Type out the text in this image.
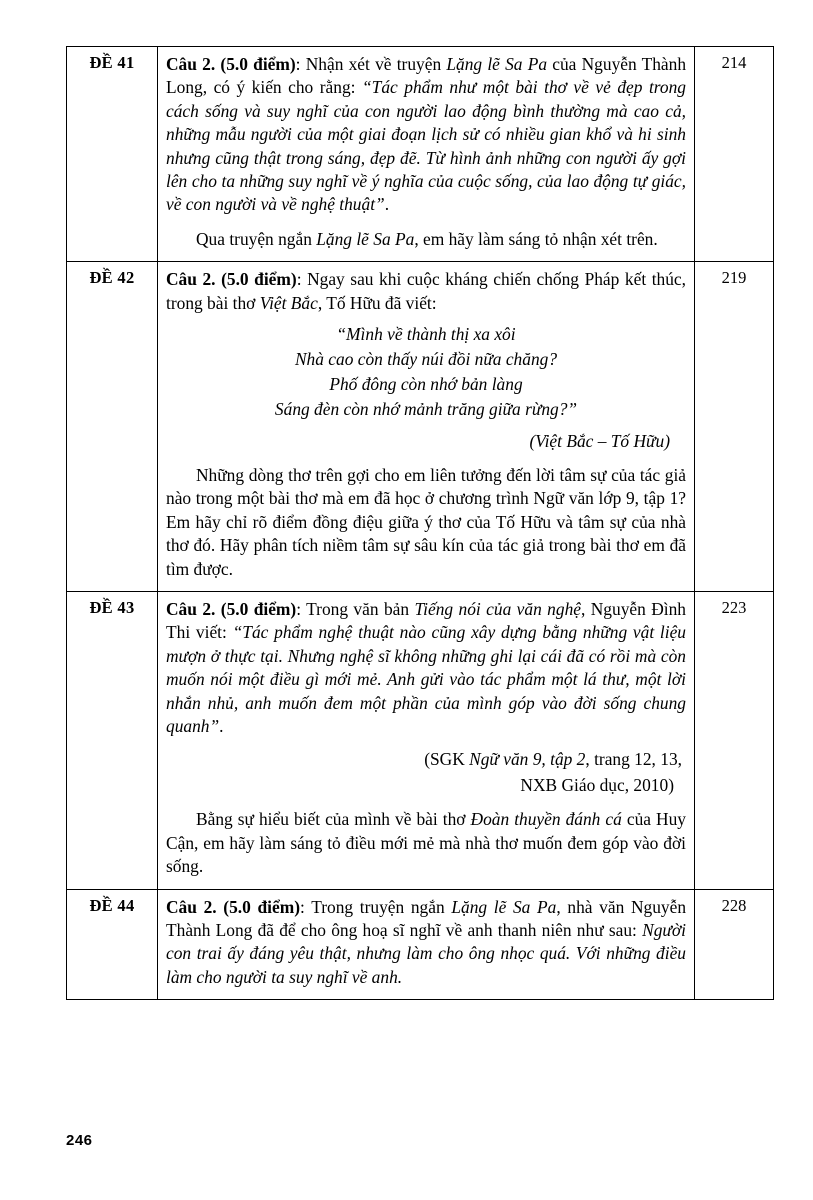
ĐỀ 41	Câu 2. (5.0 điểm): Nhận xét về truyện Lặng lẽ Sa Pa của Nguyễn Thành Long, có ý kiến cho rằng: “Tác phẩm như một bài thơ về vẻ đẹp trong cách sống và suy nghĩ của con người lao động bình thường mà cao cả, những mẫu người của một giai đoạn lịch sử có nhiều gian khổ và hi sinh nhưng cũng thật trong sáng, đẹp đẽ. Từ hình ảnh những con người ấy gợi lên cho ta những suy nghĩ về ý nghĩa của cuộc sống, của lao động tự giác, về con người và về nghệ thuật”.

Qua truyện ngắn Lặng lẽ Sa Pa, em hãy làm sáng tỏ nhận xét trên.	214
ĐỀ 42	Câu 2. (5.0 điểm): Ngay sau khi cuộc kháng chiến chống Pháp kết thúc, trong bài thơ Việt Bắc, Tố Hữu đã viết:

“Mình về thành thị xa xôi

Nhà cao còn thấy núi đồi nữa chăng?

Phố đông còn nhớ bản làng

Sáng đèn còn nhớ mảnh trăng giữa rừng?”

(Việt Bắc – Tố Hữu)

Những dòng thơ trên gợi cho em liên tưởng đến lời tâm sự của tác giả nào trong một bài thơ mà em đã học ở chương trình Ngữ văn lớp 9, tập 1? Em hãy chỉ rõ điểm đồng điệu giữa ý thơ của Tố Hữu và tâm sự của nhà thơ đó. Hãy phân tích niềm tâm sự sâu kín của tác giả trong bài thơ em đã tìm được.

	219
ĐỀ 43	Câu 2. (5.0 điểm): Trong văn bản Tiếng nói của văn nghệ, Nguyễn Đình Thi viết: “Tác phẩm nghệ thuật nào cũng xây dựng bằng những vật liệu mượn ở thực tại. Nhưng nghệ sĩ không những ghi lại cái đã có rồi mà còn muốn nói một điều gì mới mẻ. Anh gửi vào tác phẩm một lá thư, một lời nhắn nhủ, anh muốn đem một phần của mình góp vào đời sống chung quanh”.

(SGK Ngữ văn 9, tập 2, trang 12, 13,

NXB Giáo dục, 2010)

Bằng sự hiểu biết của mình về bài thơ Đoàn thuyền đánh cá của Huy Cận, em hãy làm sáng tỏ điều mới mẻ mà nhà thơ muốn đem góp vào đời sống.	223
ĐỀ 44	Câu 2. (5.0 điểm): Trong truyện ngắn Lặng lẽ Sa Pa, nhà văn Nguyễn Thành Long đã để cho ông hoạ sĩ nghĩ về anh thanh niên như sau: Người con trai ấy đáng yêu thật, nhưng làm cho ông nhọc quá. Với những điều làm cho người ta suy nghĩ về anh.	228
246
